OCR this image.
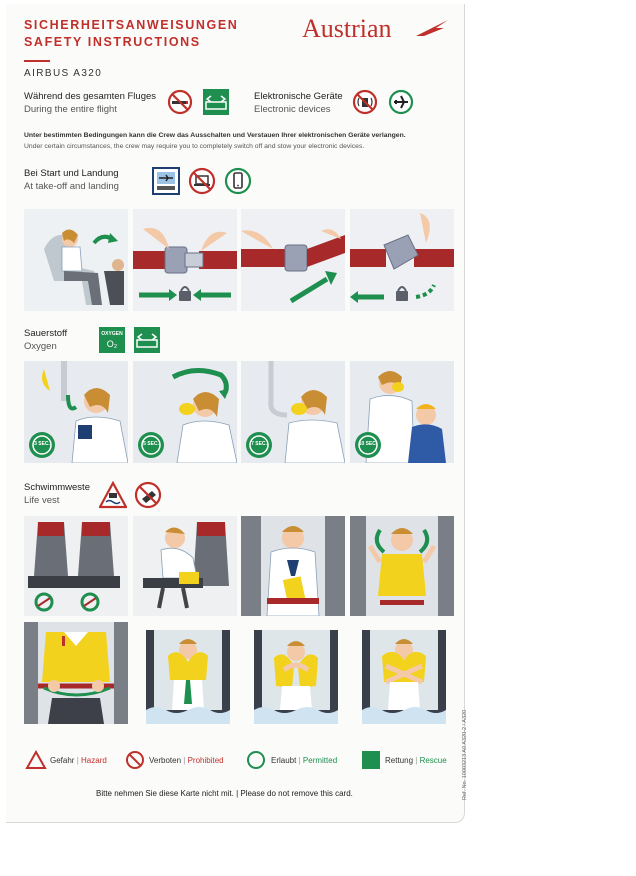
SICHERHEITSANWEISUNGEN
SAFETY INSTRUCTIONS	Austrian
AIRBUS A320
Während des gesamten Fluges
During the entire flight
Elektronische Geräte
Electronic devices
Unter bestimmten Bedingungen kann die Crew das Ausschalten und Verstauen Ihrer elektronischen Geräte verlangen.
Under certain circumstances, the crew may require you to completely switch off and stow your electronic devices.
Bei Start und Landung
At take-off and landing
Sauerstoff
Oxygen
OXYGEN
O₂
3 SEC.	5 SEC.	7 SEC.	10 SEC.
Schwimmweste
Life vest
Gefahr | Hazard	Verboten | Prohibited	Erlaubt | Permitted	Rettung | Rescue
Bitte nehmen Sie diese Karte nicht mit. | Please do not remove this card.	Ref. No. 10003213 A0 A320-2 / A320
